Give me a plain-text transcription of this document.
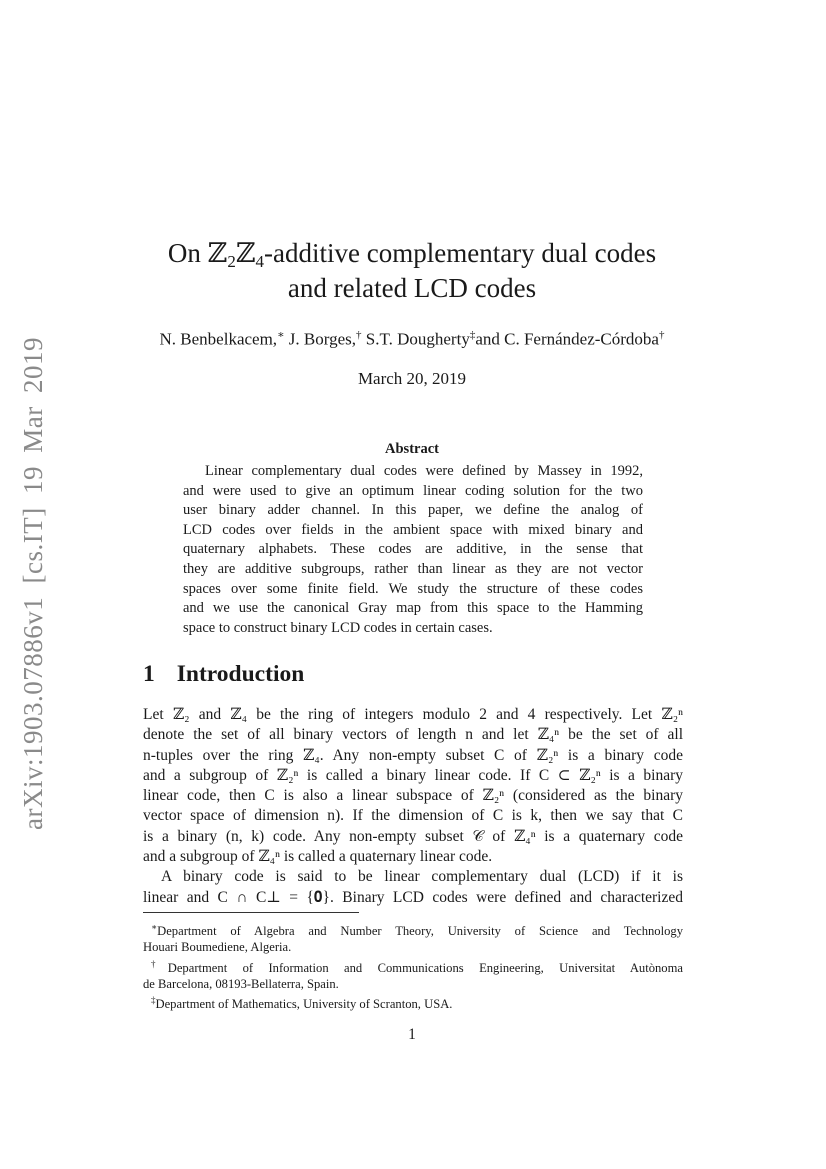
arXiv:1903.07886v1 [cs.IT] 19 Mar 2019
On ℤ$_2$ℤ$_4$-additive complementary dual codes
and related LCD codes
N. Benbelkacem,∗ J. Borges,† S.T. Dougherty‡and C. Fernández-Córdoba†
March 20, 2019
Abstract
Linear complementary dual codes were defined by Massey in 1992,
and were used to give an optimum linear coding solution for the two
user binary adder channel. In this paper, we define the analog of
LCD codes over fields in the ambient space with mixed binary and
quaternary alphabets. These codes are additive, in the sense that
they are additive subgroups, rather than linear as they are not vector
spaces over some finite field. We study the structure of these codes
and we use the canonical Gray map from this space to the Hamming
space to construct binary LCD codes in certain cases.
1 Introduction
Let ℤ₂ and ℤ₄ be the ring of integers modulo 2 and 4 respectively. Let ℤ₂ⁿ
denote the set of all binary vectors of length n and let ℤ₄ⁿ be the set of all
n-tuples over the ring ℤ₄. Any non-empty subset C of ℤ₂ⁿ is a binary code
and a subgroup of ℤ₂ⁿ is called a binary linear code. If C ⊂ ℤ₂ⁿ is a binary
linear code, then C is also a linear subspace of ℤ₂ⁿ (considered as the binary
vector space of dimension n). If the dimension of C is k, then we say that C
is a binary (n, k) code. Any non-empty subset 𝒞 of ℤ₄ⁿ is a quaternary code
and a subgroup of ℤ₄ⁿ is called a quaternary linear code.
A binary code is said to be linear complementary dual (LCD) if it is
linear and C ∩ C⊥ = {𝟎}. Binary LCD codes were defined and characterized
∗Department of Algebra and Number Theory, University of Science and Technology
Houari Boumediene, Algeria.
†Department of Information and Communications Engineering, Universitat Autònoma
de Barcelona, 08193-Bellaterra, Spain.
‡Department of Mathematics, University of Scranton, USA.
1
